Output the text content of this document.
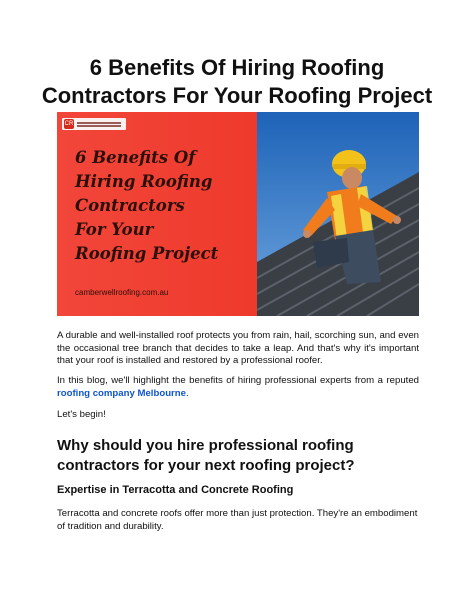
6 Benefits Of Hiring Roofing
Contractors For Your Roofing Project
CR

6 Benefits Of
Hiring Roofing
Contractors
For Your
Roofing Project

camberwellroofing.com.au

A durable and well-installed roof protects you from rain, hail, scorching sun, and even the occasional tree branch that decides to take a leap. And that's why it's important that your roof is installed and restored by a professional roofer.

In this blog, we'll highlight the benefits of hiring professional experts from a reputed roofing company Melbourne.

Let's begin!

Why should you hire professional roofing contractors for your next roofing project?
Expertise in Terracotta and Concrete Roofing

Terracotta and concrete roofs offer more than just protection. They're an embodiment of tradition and durability.
